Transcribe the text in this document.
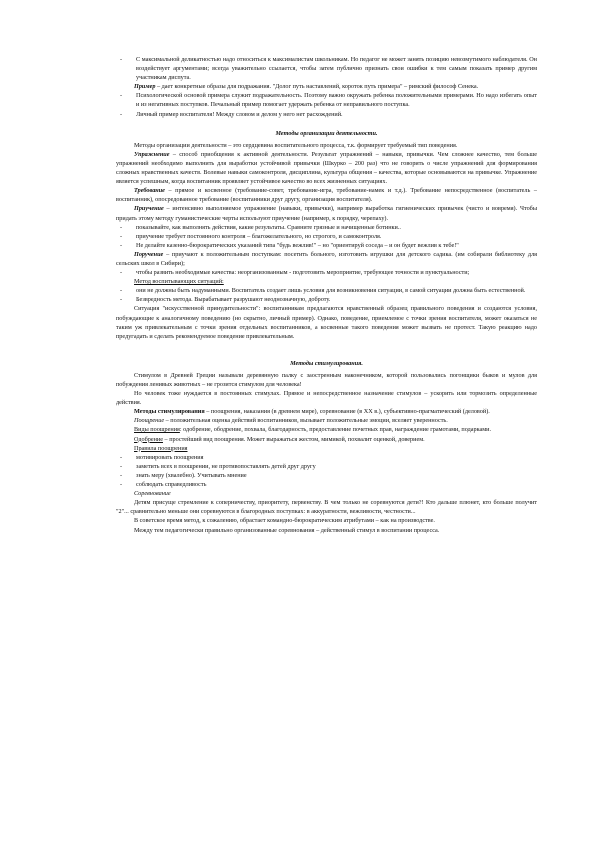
- С максимальной деликатностью надо относиться к максималистам школьникам. Но педагог не может занять позицию невозмутимого наблюдателя. Он воздействует аргументами; всегда уважительно ссылается, чтобы затем публично признать свои ошибки к тем самым показать пример другим участникам диспута.

Пример – дает конкретные образы для подражания. "Долог путь наставлений, короток путь примера" – римский философ Сенека.

- Психологической основой примера служит подражательность. Поэтому важно окружать ребенка положительными примерами. Но надо избегать опыт и из негативных поступков. Печальный пример помогает удержать ребенка от неправильного поступка.
- Личный пример воспитателя! Между словом и делом у него нет расхождений.

Методы организации деятельности.

Методы организации деятельности – это сердцевина воспитательного процесса, т.к. формирует требуемый тип поведения.

Упражнение – способ приобщения к активной деятельности. Результат упражнений – навыки, привычки. Чем сложнее качество, тем больше упражнений необходимо выполнить для выработки устойчивой привычки (Шкурко – 200 раз) что не говорить о числе упражнений для формирования сложных нравственных качеств. Волевые навыки самоконтроля, дисциплина, культура общения – качества, которые основываются на привычке. Упражнение является успешным, когда воспитанник проявляет устойчивое качество во всех жизненных ситуациях.

Требование – прямое и косвенное (требование-совет, требование-игра, требование-намек и т.д.). Требование непосредственное (воспитатель – воспитанник), опосредованное требование (воспитанники друг другу, организация воспитателя).

Приучение – интенсивно выполняемое упражнение (навыки, привычки), например выработка гигиенических привычек (чисто и вовремя). Чтобы придать этому методу гуманистические черты используют приучение (например, к порядку, черепаху).

- показывайте, как выполнять действия, какие результаты. Сравните грязные и начищенные ботинки..
- приучение требует постоянного контроля – благожелательного, но строгого, и самоконтроля.
- Не делайте казенно-бюрократических указаний типа "будь вежлив!" – но "ориентируй соседа – и он будет вежлив к тебе!"

Поручение – приучают к положительным поступкам: посетить больного, изготовить игрушки для детского садика. (им собирали библиотеку для сельских школ в Сибири);

- чтобы развить необходимые качества: неорганизованным - подготовить мероприятие, требующее точности и пунктуальности;

Метод воспитывающих ситуаций:

- они не должны быть надуманными. Воспитатель создает лишь условия для возникновения ситуации, в самой ситуации должна быть естественной.
- Безвредность метода. Вырабатывает разрушают неоднозначную, доброту.

Ситуация "искусственной принудительности": воспитанникам предлагаются нравственный образец правильного поведения и создаются условия, побуждающие к аналогичному поведению (но скрытно, личный пример). Однако, поведение, приемлемое с точки зрения воспитателя, может оказаться не таким уж привлекательным с точки зрения отдельных воспитанников, а косвенные такого поведения может вызвать не протест. Такую реакцию надо предугадать и сделать рекомендуемое поведение привлекательным.

Методы стимулирования.

Стимулом в Древней Греции называли деревянную палку с заостренным наконечником, которой пользовались погонщики быков и мулов для побуждения ленивых животных – не грозится стимулом для человека!

Но человек тоже нуждается в постоянных стимулах. Прямое и непосредственное назначение стимулов – ускорить или тормозить определенные действия.

Методы стимулирования – поощрения, наказания (в древнем мире), соревнование (в XX в.), субъективно-прагматический (деловой).

Поощрение – положительная оценка действий воспитанников, вызывает положительные эмоции, вселяет уверенность.

Виды поощрения: одобрение, ободрение, похвала, благодарность, предоставление почетных прав, награждение грамотами, подарками.

Одобрение – простейший вид поощрения. Может выражаться жестом, мимикой, похвалит оценкой, доверием.

Правила поощрения

- мотивировать поощрения
- заметить всех в поощрении, не противопоставлять детей друг другу
- знать меру (хвалебно). Учитывать мнение
- соблюдать справедливость

Соревнование

Детям присуще стремление к соперничеству, приоритету, первенству. В чем только не соревнуются дети?! Кто дальше плюнет, кто больше получит "2"... сравнительно меньше они соревнуются в благородных поступках: в аккуратности, вежливости, честности...

В советское время метод, к сожалению, обрастает командно-бюрократическим атрибутами – как на производстве.

Между тем педагогически правильно организованные соревнования – действенный стимул в воспитании процесса.
